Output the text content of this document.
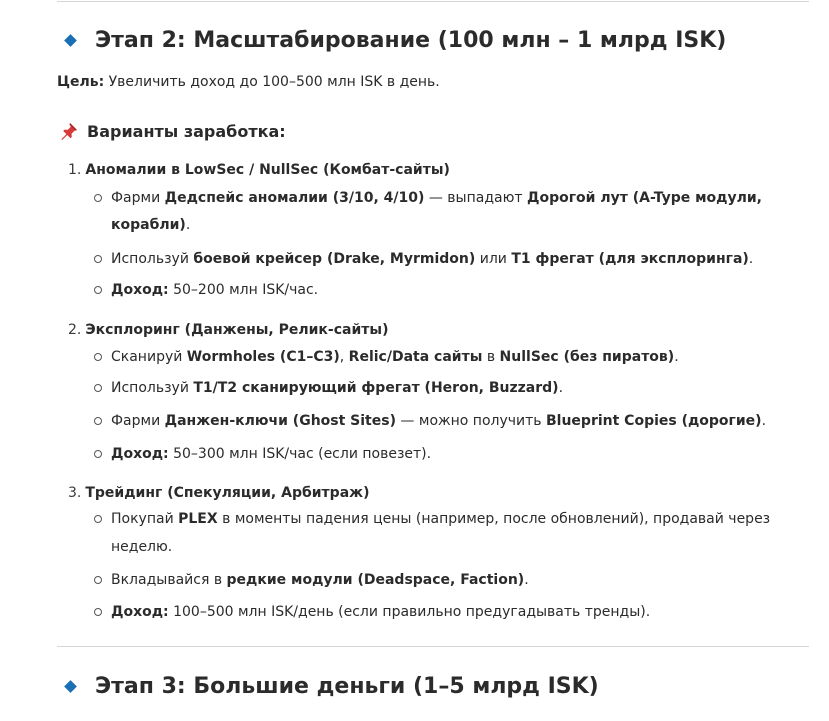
Этап 2: Масштабирование (100 млн – 1 млрд ISK)
Цель: Увеличить доход до 100–500 млн ISK в день.
Варианты заработка:
1. Аномалии в LowSec / NullSec (Комбат-сайты)
Фарми Дедспейс аномалии (3/10, 4/10) — выпадают Дорогой лут (A-Type модули,
корабли).
Используй боевой крейсер (Drake, Myrmidon) или T1 фрегат (для эксплоринга).
Доход: 50–200 млн ISK/час.
2. Эксплоринг (Данжены, Релик-сайты)
Сканируй Wormholes (C1–C3), Relic/Data сайты в NullSec (без пиратов).
Используй T1/T2 сканирующий фрегат (Heron, Buzzard).
Фарми Данжен-ключи (Ghost Sites) — можно получить Blueprint Copies (дорогие).
Доход: 50–300 млн ISK/час (если повезет).
3. Трейдинг (Спекуляции, Арбитраж)
Покупай PLEX в моменты падения цены (например, после обновлений), продавай через
неделю.
Вкладывайся в редкие модули (Deadspace, Faction).
Доход: 100–500 млн ISK/день (если правильно предугадывать тренды).
Этап 3: Большие деньги (1–5 млрд ISK)
